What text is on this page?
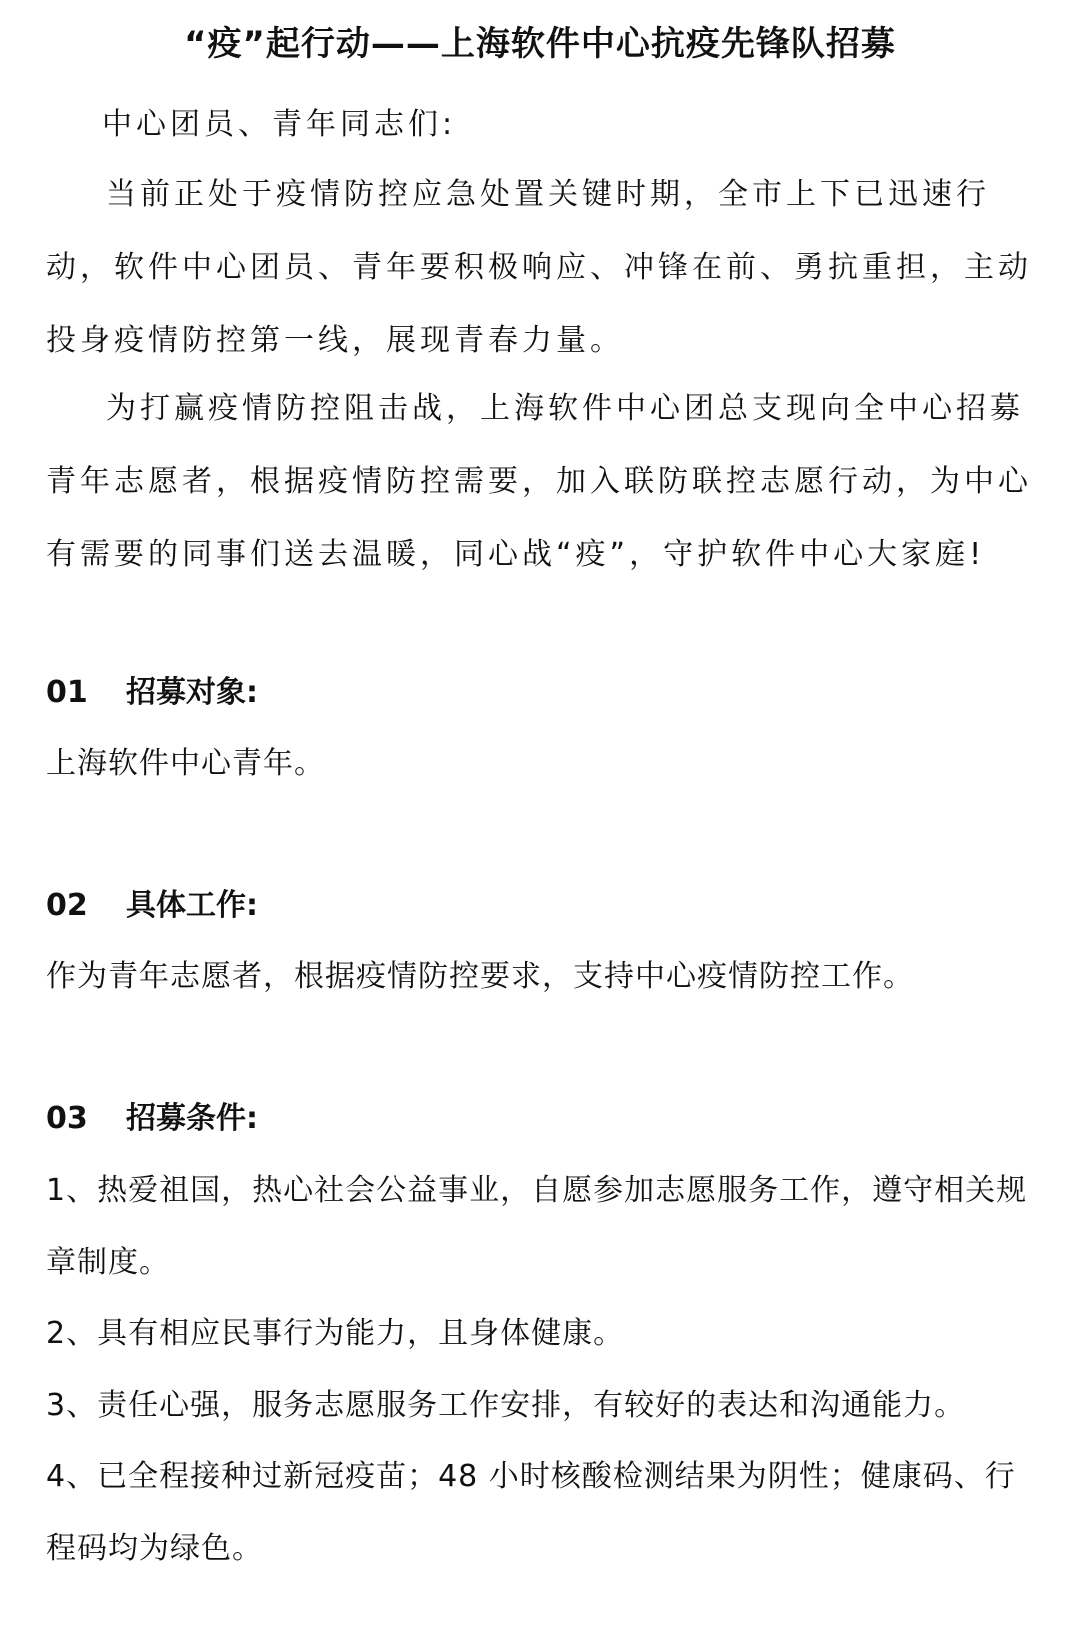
“疫”起行动——上海软件中心抗疫先锋队招募

中心团员、青年同志们:

当前正处于疫情防控应急处置关键时期，全市上下已迅速行动，软件中心团员、青年要积极响应、冲锋在前、勇抗重担，主动投身疫情防控第一线，展现青春力量。

为打赢疫情防控阻击战，上海软件中心团总支现向全中心招募青年志愿者，根据疫情防控需要，加入联防联控志愿行动，为中心有需要的同事们送去温暖，同心战“疫”，守护软件中心大家庭!

01 招募对象:

上海软件中心青年。

02 具体工作:

作为青年志愿者，根据疫情防控要求，支持中心疫情防控工作。

03 招募条件:

1、热爱祖国，热心社会公益事业，自愿参加志愿服务工作，遵守相关规章制度。

2、具有相应民事行为能力，且身体健康。

3、责任心强，服务志愿服务工作安排，有较好的表达和沟通能力。

4、已全程接种过新冠疫苗；48 小时核酸检测结果为阴性；健康码、行程码均为绿色。
